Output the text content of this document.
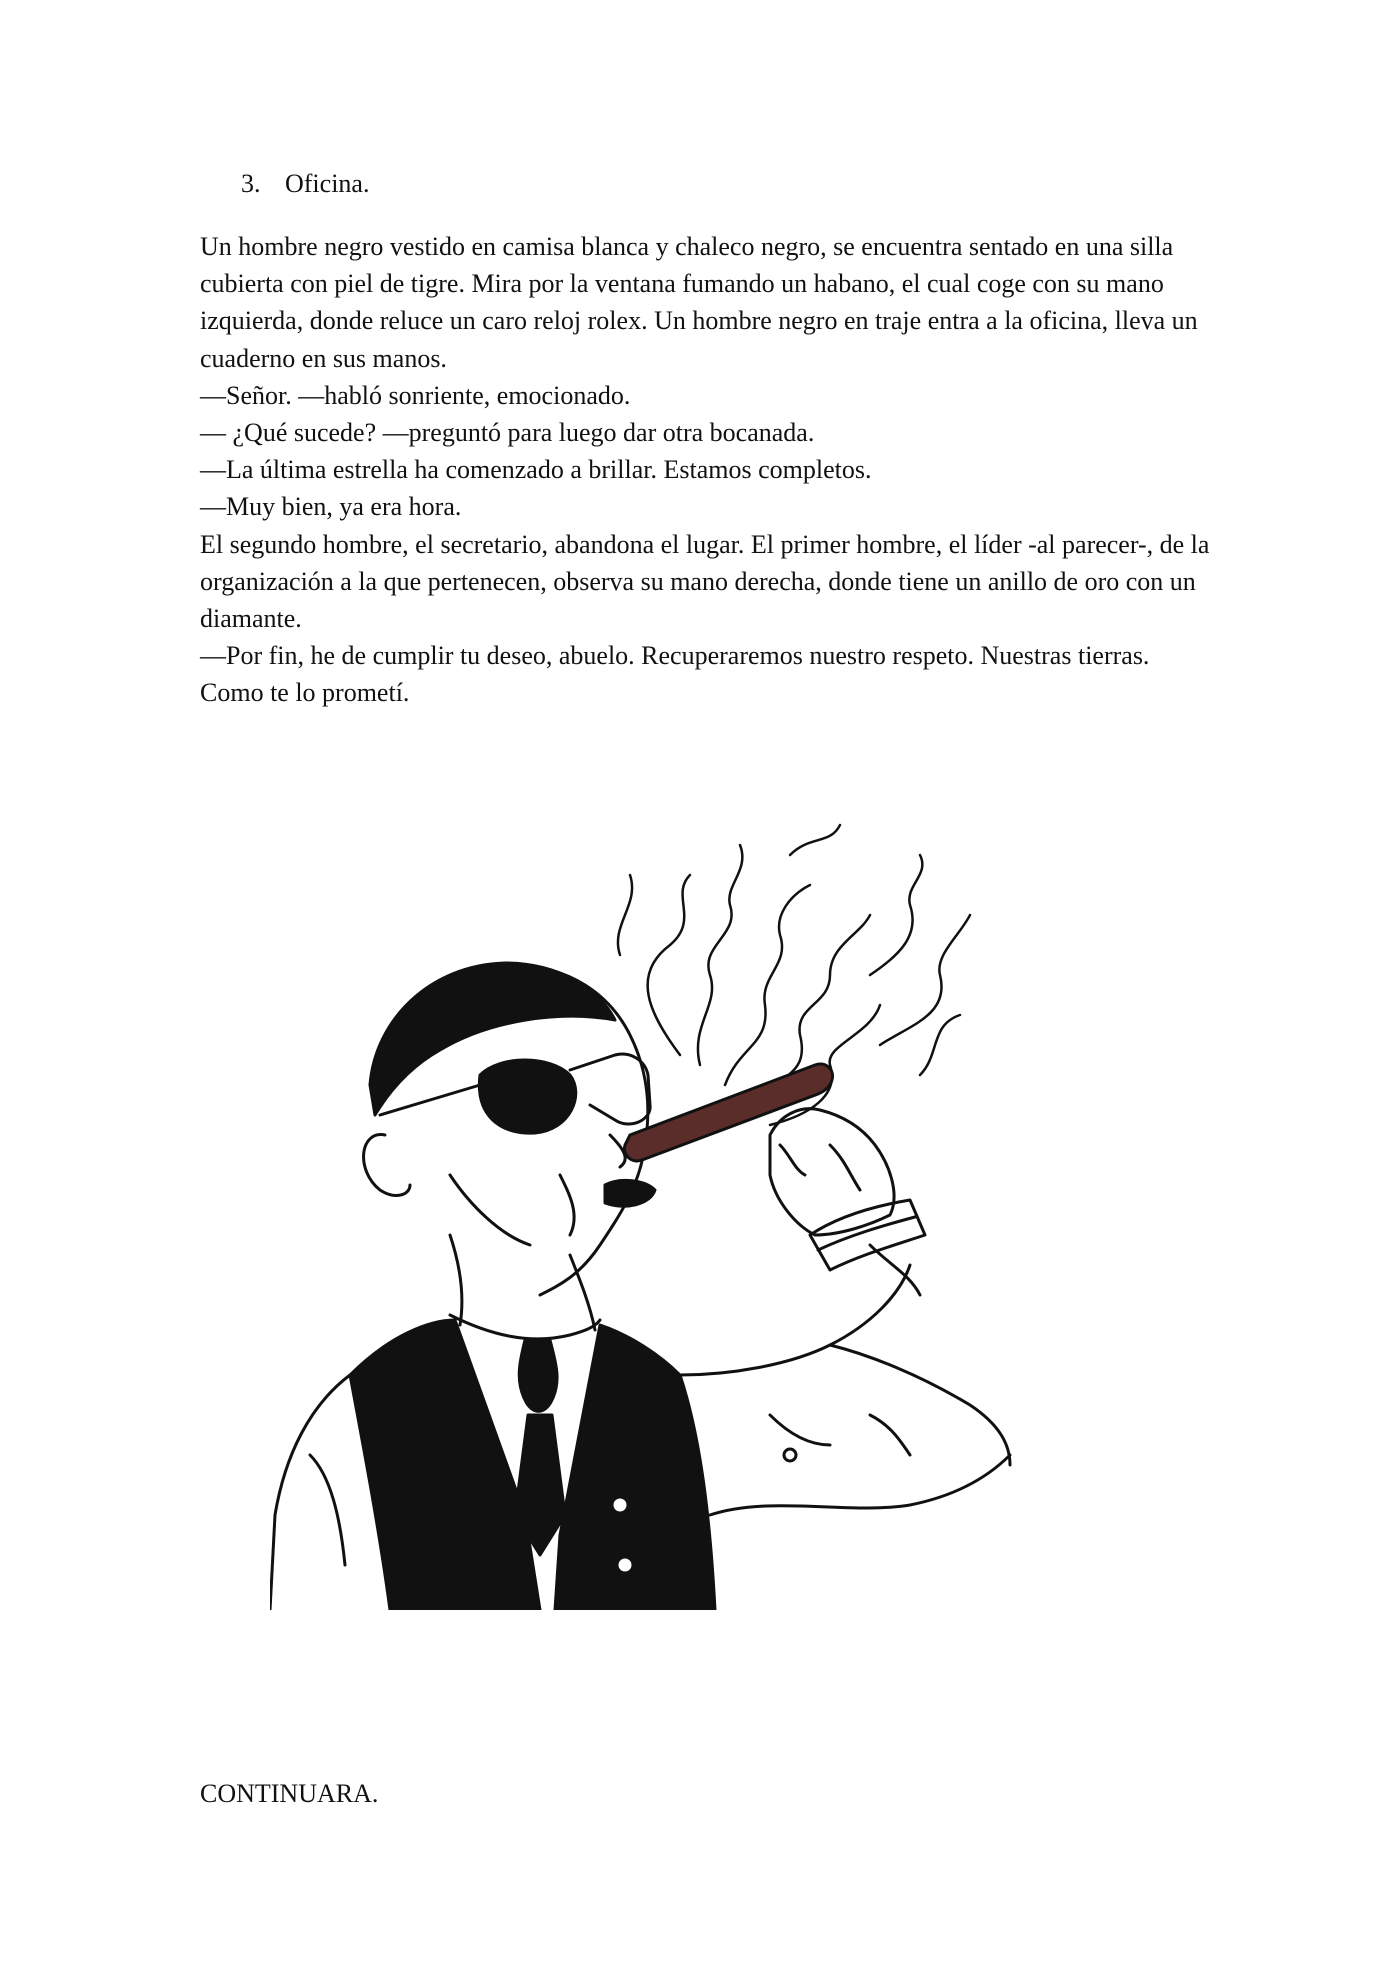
3. Oficina.

Un hombre negro vestido en camisa blanca y chaleco negro, se encuentra sentado en una silla cubierta con piel de tigre. Mira por la ventana fumando un habano, el cual coge con su mano izquierda, donde reluce un caro reloj rolex. Un hombre negro en traje entra a la oficina, lleva un cuaderno en sus manos.

—Señor. —habló sonriente, emocionado.

— ¿Qué sucede? —preguntó para luego dar otra bocanada.

—La última estrella ha comenzado a brillar. Estamos completos.

—Muy bien, ya era hora.

El segundo hombre, el secretario, abandona el lugar. El primer hombre, el líder -al parecer-, de la organización a la que pertenecen, observa su mano derecha, donde tiene un anillo de oro con un diamante.

—Por fin, he de cumplir tu deseo, abuelo. Recuperaremos nuestro respeto. Nuestras tierras. Como te lo prometí.

CONTINUARA.
